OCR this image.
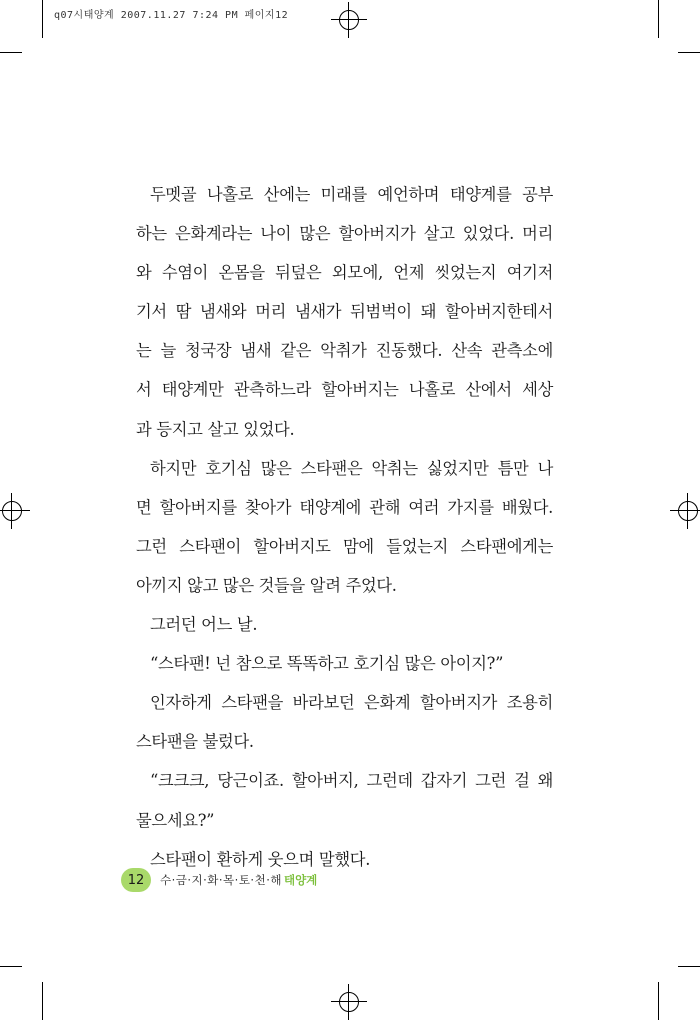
q07시태양계 2007.11.27 7:24 PM 페이지12
두멧골 나홀로 산에는 미래를 예언하며 태양계를 공부
하는 은화계라는 나이 많은 할아버지가 살고 있었다. 머리
와 수염이 온몸을 뒤덮은 외모에, 언제 씻었는지 여기저
기서 땀 냄새와 머리 냄새가 뒤범벅이 돼 할아버지한테서
는 늘 청국장 냄새 같은 악취가 진동했다. 산속 관측소에
서 태양계만 관측하느라 할아버지는 나홀로 산에서 세상
과 등지고 살고 있었다.
하지만 호기심 많은 스타팬은 악취는 싫었지만 틈만 나
면 할아버지를 찾아가 태양계에 관해 여러 가지를 배웠다.
그런 스타팬이 할아버지도 맘에 들었는지 스타팬에게는
아끼지 않고 많은 것들을 알려 주었다.
그러던 어느 날.
“스타팬! 넌 참으로 똑똑하고 호기심 많은 아이지?”
인자하게 스타팬을 바라보던 은화계 할아버지가 조용히
스타팬을 불렀다.
“크크크, 당근이죠. 할아버지, 그런데 갑자기 그런 걸 왜
물으세요?”
스타팬이 환하게 웃으며 말했다.
12	수·금·지·화·목·토·천·해 태양계
